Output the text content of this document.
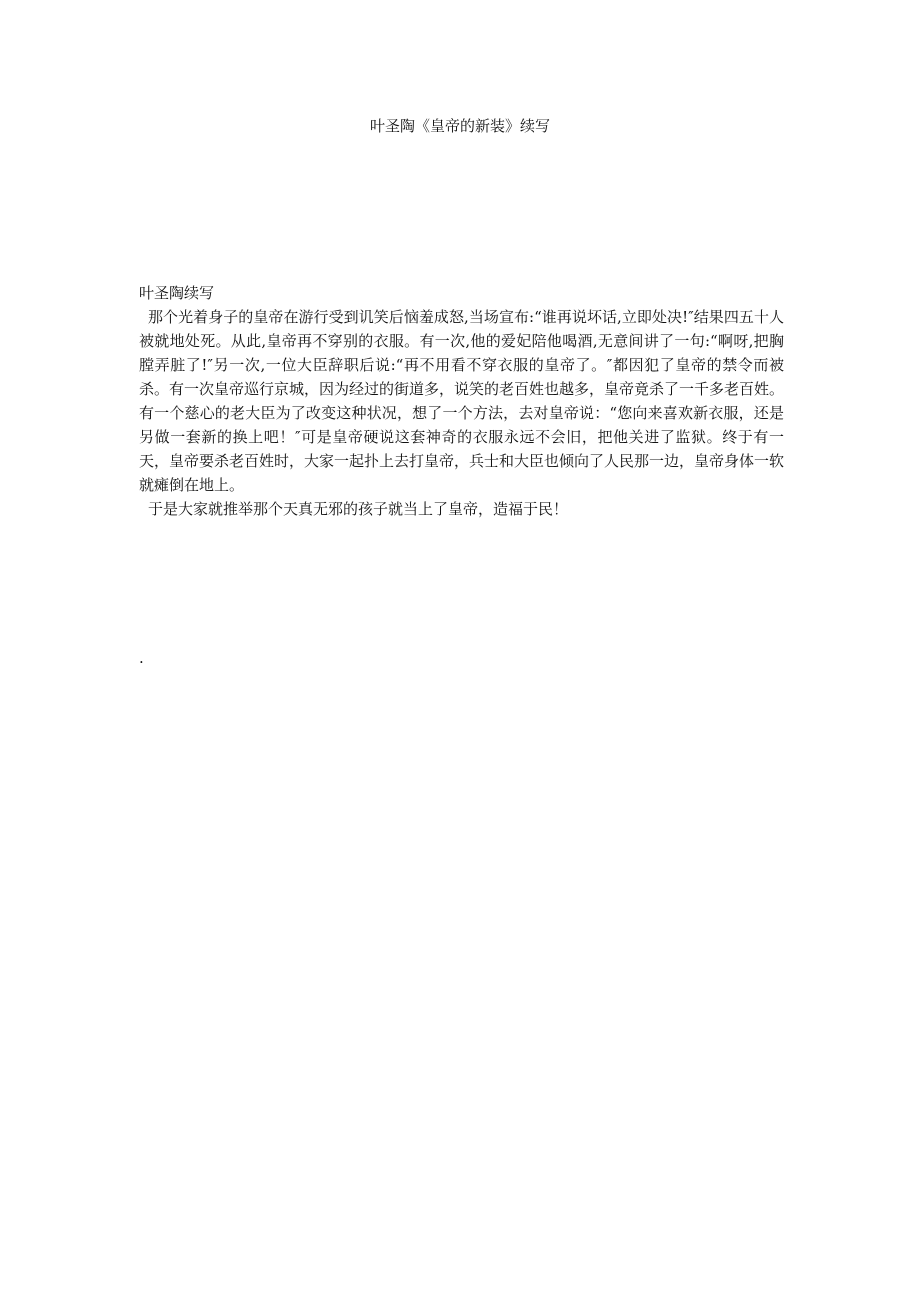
叶圣陶《皇帝的新装》续写
叶圣陶续写

那个光着身子的皇帝在游行受到讥笑后恼羞成怒,当场宣布:“谁再说坏话,立即处决!″结果四五十人被就地处死。从此,皇帝再不穿别的衣服。有一次,他的爱妃陪他喝酒,无意间讲了一句:“啊呀,把胸膛弄脏了!″另一次,一位大臣辞职后说:“再不用看不穿衣服的皇帝了。″都因犯了皇帝的禁令而被杀。有一次皇帝巡行京城，因为经过的街道多，说笑的老百姓也越多，皇帝竟杀了一千多老百姓。有一个慈心的老大臣为了改变这种状况，想了一个方法，去对皇帝说：“您向来喜欢新衣服，还是另做一套新的换上吧！″可是皇帝硬说这套神奇的衣服永远不会旧，把他关进了监狱。终于有一天，皇帝要杀老百姓时，大家一起扑上去打皇帝，兵士和大臣也倾向了人民那一边，皇帝身体一软就瘫倒在地上。

于是大家就推举那个天真无邪的孩子就当上了皇帝，造福于民！

.
